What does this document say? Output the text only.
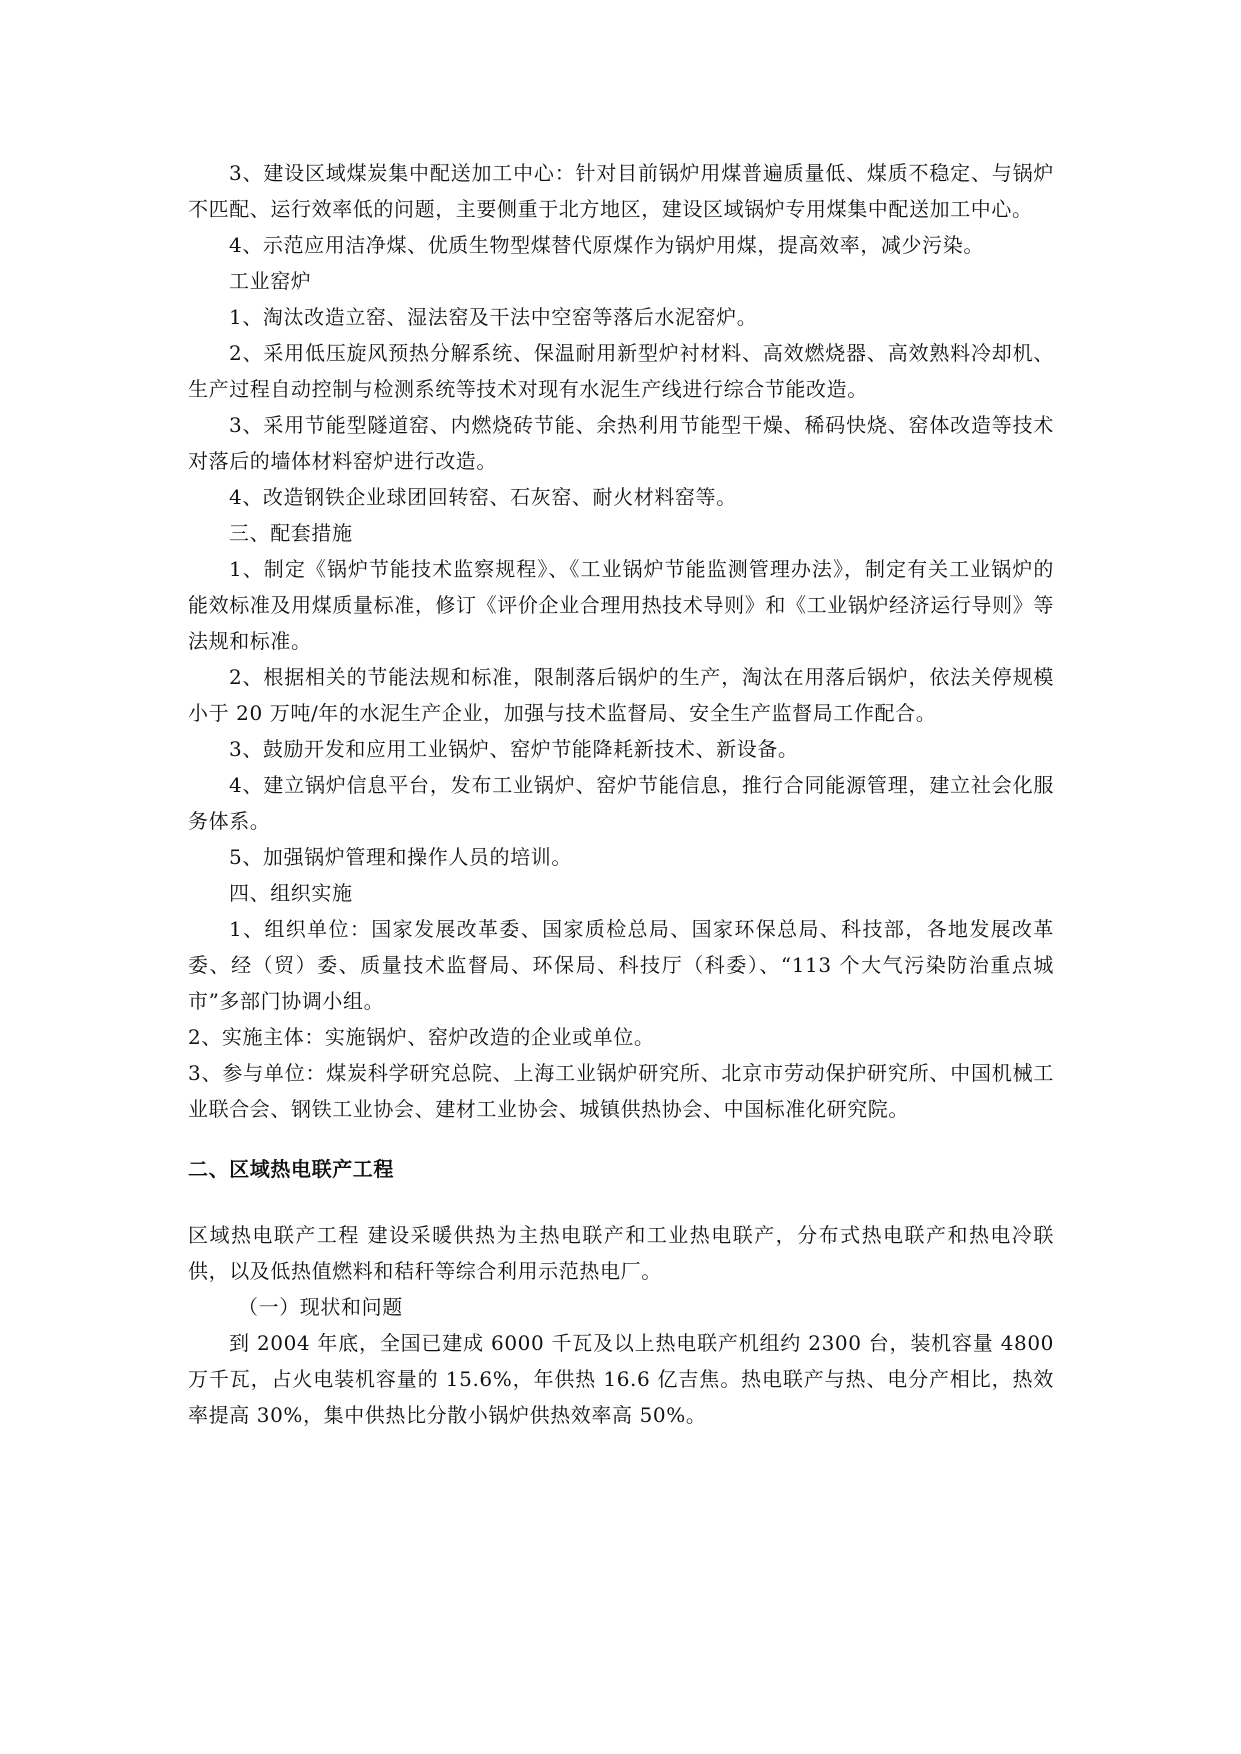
3、建设区域煤炭集中配送加工中心：针对目前锅炉用煤普遍质量低、煤质不稳定、与锅炉不匹配、运行效率低的问题，主要侧重于北方地区，建设区域锅炉专用煤集中配送加工中心。

4、示范应用洁净煤、优质生物型煤替代原煤作为锅炉用煤，提高效率，减少污染。

工业窑炉

1、淘汰改造立窑、湿法窑及干法中空窑等落后水泥窑炉。

2、采用低压旋风预热分解系统、保温耐用新型炉衬材料、高效燃烧器、高效熟料冷却机、生产过程自动控制与检测系统等技术对现有水泥生产线进行综合节能改造。

3、采用节能型隧道窑、内燃烧砖节能、余热利用节能型干燥、稀码快烧、窑体改造等技术对落后的墙体材料窑炉进行改造。

4、改造钢铁企业球团回转窑、石灰窑、耐火材料窑等。

三、配套措施

1、制定《锅炉节能技术监察规程》、《工业锅炉节能监测管理办法》，制定有关工业锅炉的能效标准及用煤质量标准，修订《评价企业合理用热技术导则》和《工业锅炉经济运行导则》等法规和标准。

2、根据相关的节能法规和标准，限制落后锅炉的生产，淘汰在用落后锅炉，依法关停规模小于 20 万吨/年的水泥生产企业，加强与技术监督局、安全生产监督局工作配合。

3、鼓励开发和应用工业锅炉、窑炉节能降耗新技术、新设备。

4、建立锅炉信息平台，发布工业锅炉、窑炉节能信息，推行合同能源管理，建立社会化服务体系。

5、加强锅炉管理和操作人员的培训。

四、组织实施

1、组织单位：国家发展改革委、国家质检总局、国家环保总局、科技部，各地发展改革委、经（贸）委、质量技术监督局、环保局、科技厅（科委）、“113 个大气污染防治重点城市”多部门协调小组。

2、实施主体：实施锅炉、窑炉改造的企业或单位。

3、参与单位：煤炭科学研究总院、上海工业锅炉研究所、北京市劳动保护研究所、中国机械工业联合会、钢铁工业协会、建材工业协会、城镇供热协会、中国标准化研究院。

二、区域热电联产工程

区域热电联产工程 建设采暖供热为主热电联产和工业热电联产，分布式热电联产和热电冷联供，以及低热值燃料和秸秆等综合利用示范热电厂。

（一）现状和问题

到 2004 年底，全国已建成 6000 千瓦及以上热电联产机组约 2300 台，装机容量 4800 万千瓦，占火电装机容量的 15.6%，年供热 16.6 亿吉焦。热电联产与热、电分产相比，热效率提高 30%，集中供热比分散小锅炉供热效率高 50%。
